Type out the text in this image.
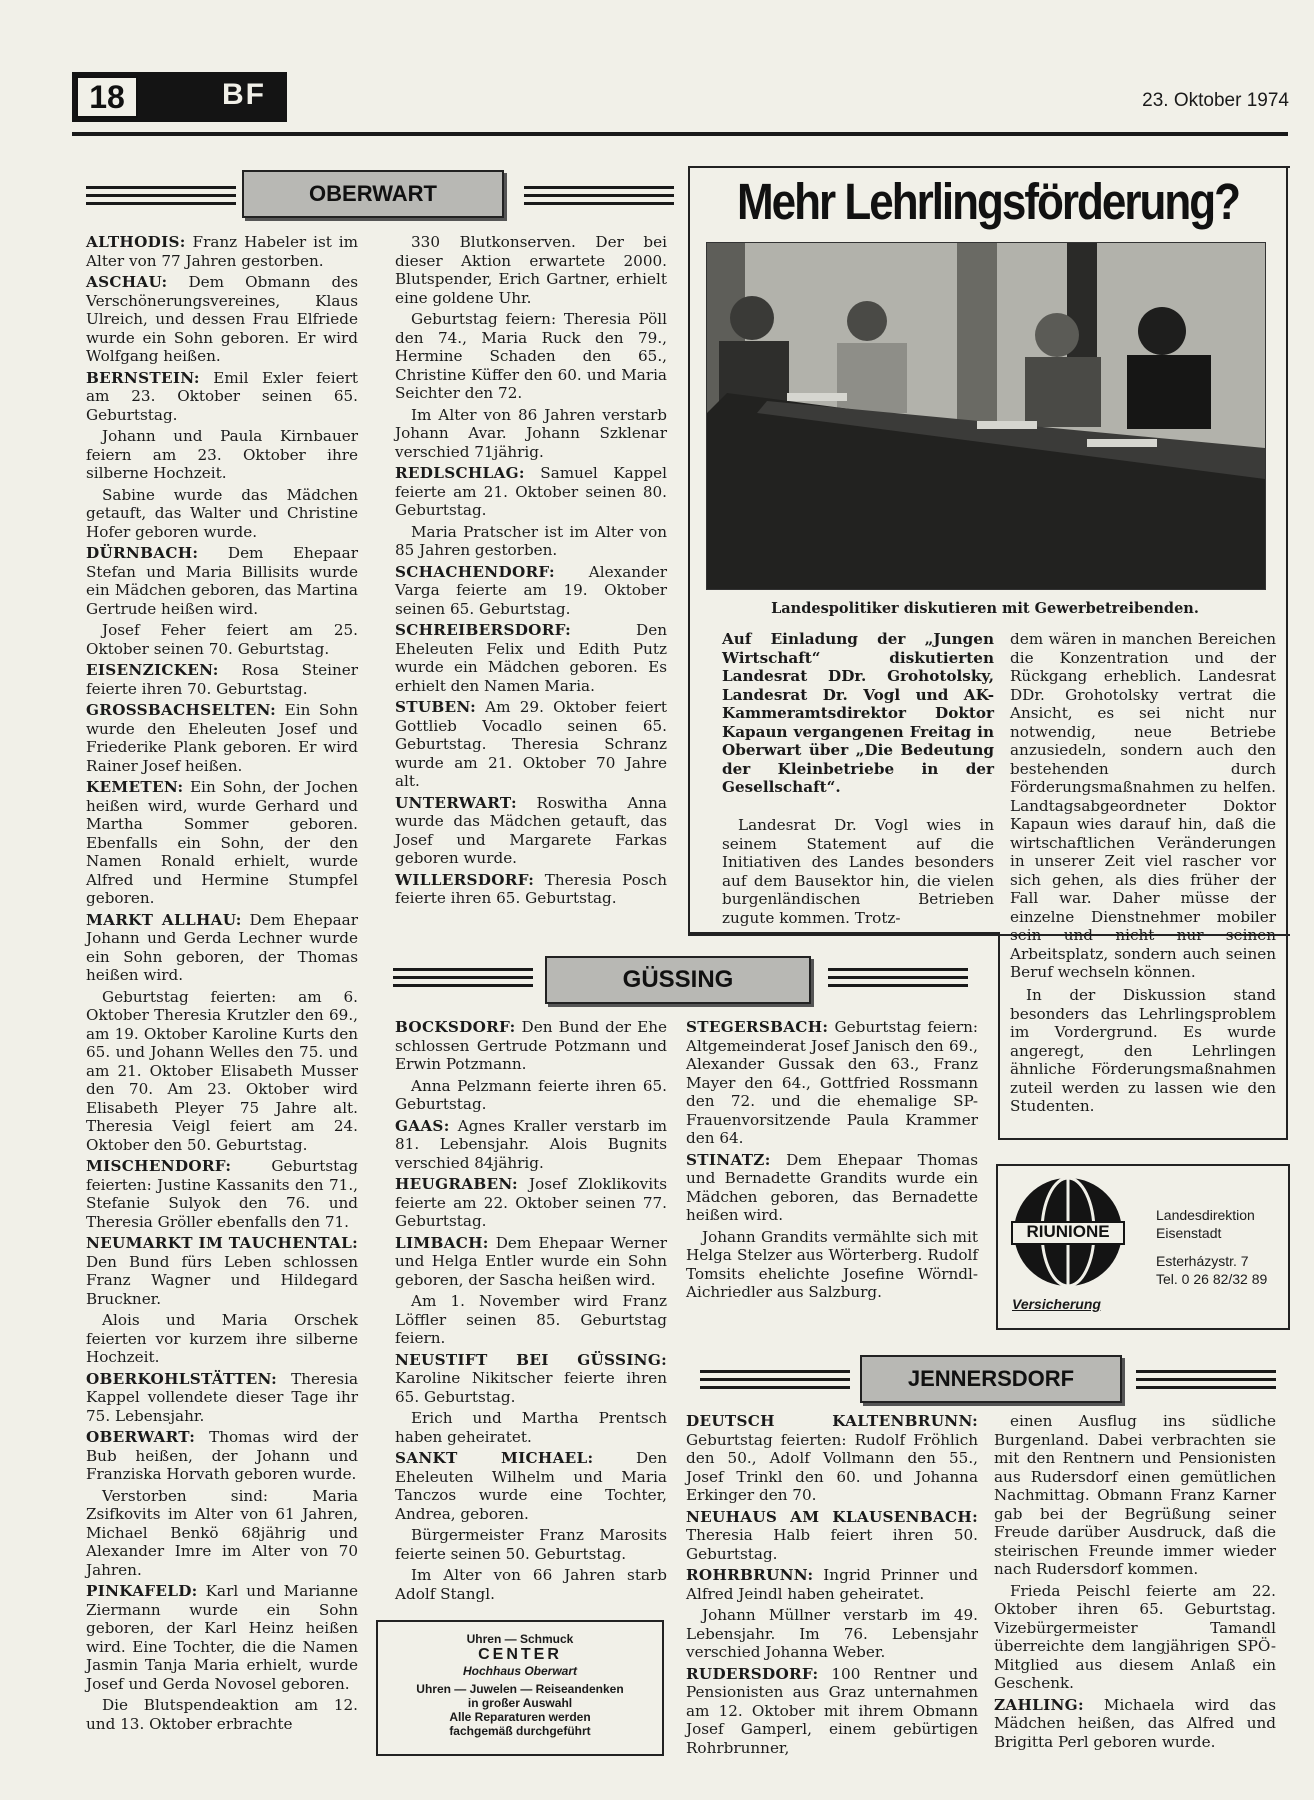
18	BF	23. Oktober 1974
OBERWART

ALTHODIS: Franz Habeler ist im Alter von 77 Jahren gestorben.

ASCHAU: Dem Obmann des Verschönerungsvereines, Klaus Ulreich, und dessen Frau Elfriede wurde ein Sohn geboren. Er wird Wolfgang heißen.

BERNSTEIN: Emil Exler feiert am 23. Oktober seinen 65. Geburtstag.

Johann und Paula Kirnbauer feiern am 23. Oktober ihre silberne Hochzeit.

Sabine wurde das Mädchen getauft, das Walter und Christine Hofer geboren wurde.

DÜRNBACH: Dem Ehepaar Stefan und Maria Billisits wurde ein Mädchen geboren, das Martina Gertrude heißen wird.

Josef Feher feiert am 25. Oktober seinen 70. Geburtstag.

EISENZICKEN: Rosa Steiner feierte ihren 70. Geburtstag.

GROSSBACHSELTEN: Ein Sohn wurde den Eheleuten Josef und Friederike Plank geboren. Er wird Rainer Josef heißen.

KEMETEN: Ein Sohn, der Jochen heißen wird, wurde Gerhard und Martha Sommer geboren. Ebenfalls ein Sohn, der den Namen Ronald erhielt, wurde Alfred und Hermine Stumpfel geboren.

MARKT ALLHAU: Dem Ehepaar Johann und Gerda Lechner wurde ein Sohn geboren, der Thomas heißen wird.

Geburtstag feierten: am 6. Oktober Theresia Krutzler den 69., am 19. Oktober Karoline Kurts den 65. und Johann Welles den 75. und am 21. Oktober Elisabeth Musser den 70. Am 23. Oktober wird Elisabeth Pleyer 75 Jahre alt. Theresia Veigl feiert am 24. Oktober den 50. Geburtstag.

MISCHENDORF: Geburtstag feierten: Justine Kassanits den 71., Stefanie Sulyok den 76. und Theresia Gröller ebenfalls den 71.

NEUMARKT IM TAUCHENTAL: Den Bund fürs Leben schlossen Franz Wagner und Hildegard Bruckner.

Alois und Maria Orschek feierten vor kurzem ihre silberne Hochzeit.

OBERKOHLSTÄTTEN: Theresia Kappel vollendete dieser Tage ihr 75. Lebensjahr.

OBERWART: Thomas wird der Bub heißen, der Johann und Franziska Horvath geboren wurde.

Verstorben sind: Maria Zsifkovits im Alter von 61 Jahren, Michael Benkö 68jährig und Alexander Imre im Alter von 70 Jahren.

PINKAFELD: Karl und Marianne Ziermann wurde ein Sohn geboren, der Karl Heinz heißen wird. Eine Tochter, die die Namen Jasmin Tanja Maria erhielt, wurde Josef und Gerda Novosel geboren.

Die Blutspendeaktion am 12. und 13. Oktober erbrachte

330 Blutkonserven. Der bei dieser Aktion erwartete 2000. Blutspender, Erich Gartner, erhielt eine goldene Uhr.

Geburtstag feiern: Theresia Pöll den 74., Maria Ruck den 79., Hermine Schaden den 65., Christine Küffer den 60. und Maria Seichter den 72.

Im Alter von 86 Jahren verstarb Johann Avar. Johann Szklenar verschied 71jährig.

REDLSCHLAG: Samuel Kappel feierte am 21. Oktober seinen 80. Geburtstag.

Maria Pratscher ist im Alter von 85 Jahren gestorben.

SCHACHENDORF: Alexander Varga feierte am 19. Oktober seinen 65. Geburtstag.

SCHREIBERSDORF: Den Eheleuten Felix und Edith Putz wurde ein Mädchen geboren. Es erhielt den Namen Maria.

STUBEN: Am 29. Oktober feiert Gottlieb Vocadlo seinen 65. Geburtstag. Theresia Schranz wurde am 21. Oktober 70 Jahre alt.

UNTERWART: Roswitha Anna wurde das Mädchen getauft, das Josef und Margarete Farkas geboren wurde.

WILLERSDORF: Theresia Posch feierte ihren 65. Geburtstag.

Mehr Lehrlingsförderung?
Landespolitiker diskutieren mit Gewerbetreibenden.
Auf Einladung der „Jungen Wirtschaft“ diskutierten Landesrat DDr. Grohotolsky, Landesrat Dr. Vogl und AK-Kammeramtsdirektor Doktor Kapaun vergangenen Freitag in Oberwart über „Die Bedeutung der Kleinbetriebe in der Gesellschaft“.
Landesrat Dr. Vogl wies in seinem Statement auf die Initiativen des Landes besonders auf dem Bausektor hin, die vielen burgenländischen Betrieben zugute kommen. Trotz-
dem wären in manchen Bereichen die Konzentration und der Rückgang erheblich. Landesrat DDr. Grohotolsky vertrat die Ansicht, es sei nicht nur notwendig, neue Betriebe anzusiedeln, sondern auch den bestehenden durch Förderungsmaßnahmen zu helfen. Landtagsabgeordneter Doktor Kapaun wies darauf hin, daß die wirtschaftlichen Veränderungen in unserer Zeit viel rascher vor sich gehen, als dies früher der Fall war. Daher müsse der einzelne Dienstnehmer mobiler sein und nicht nur seinen Arbeitsplatz, sondern auch seinen Beruf wechseln können.
In der Diskussion stand besonders das Lehrlingsproblem im Vordergrund. Es wurde angeregt, den Lehrlingen ähnliche Förderungsmaßnahmen zuteil werden zu lassen wie den Studenten.
GÜSSING

BOCKSDORF: Den Bund der Ehe schlossen Gertrude Potzmann und Erwin Potzmann.

Anna Pelzmann feierte ihren 65. Geburtstag.

GAAS: Agnes Kraller verstarb im 81. Lebensjahr. Alois Bugnits verschied 84jährig.

HEUGRABEN: Josef Zloklikovits feierte am 22. Oktober seinen 77. Geburtstag.

LIMBACH: Dem Ehepaar Werner und Helga Entler wurde ein Sohn geboren, der Sascha heißen wird.

Am 1. November wird Franz Löffler seinen 85. Geburtstag feiern.

NEUSTIFT BEI GÜSSING: Karoline Nikitscher feierte ihren 65. Geburtstag.

Erich und Martha Prentsch haben geheiratet.

SANKT MICHAEL: Den Eheleuten Wilhelm und Maria Tanczos wurde eine Tochter, Andrea, geboren.

Bürgermeister Franz Marosits feierte seinen 50. Geburtstag.

Im Alter von 66 Jahren starb Adolf Stangl.

STEGERSBACH: Geburtstag feiern: Altgemeinderat Josef Janisch den 69., Alexander Gussak den 63., Franz Mayer den 64., Gottfried Rossmann den 72. und die ehemalige SP-Frauenvorsitzende Paula Krammer den 64.

STINATZ: Dem Ehepaar Thomas und Bernadette Grandits wurde ein Mädchen geboren, das Bernadette heißen wird.

Johann Grandits vermählte sich mit Helga Stelzer aus Wörterberg. Rudolf Tomsits ehelichte Josefine Wörndl-Aichriedler aus Salzburg.

RIUNIONE
Versicherung
Landesdirektion
Eisenstadt
Esterházystr. 7
Tel. 0 26 82/32 89
JENNERSDORF

DEUTSCH KALTENBRUNN: Geburtstag feierten: Rudolf Fröhlich den 50., Adolf Vollmann den 55., Josef Trinkl den 60. und Johanna Erkinger den 70.

NEUHAUS AM KLAUSENBACH: Theresia Halb feiert ihren 50. Geburtstag.

ROHRBRUNN: Ingrid Prinner und Alfred Jeindl haben geheiratet.

Johann Müllner verstarb im 49. Lebensjahr. Im 76. Lebensjahr verschied Johanna Weber.

RUDERSDORF: 100 Rentner und Pensionisten aus Graz unternahmen am 12. Oktober mit ihrem Obmann Josef Gamperl, einem gebürtigen Rohrbrunner,

einen Ausflug ins südliche Burgenland. Dabei verbrachten sie mit den Rentnern und Pensionisten aus Rudersdorf einen gemütlichen Nachmittag. Obmann Franz Karner gab bei der Begrüßung seiner Freude darüber Ausdruck, daß die steirischen Freunde immer wieder nach Rudersdorf kommen.

Frieda Peischl feierte am 22. Oktober ihren 65. Geburtstag. Vizebürgermeister Tamandl überreichte dem langjährigen SPÖ-Mitglied aus diesem Anlaß ein Geschenk.

ZAHLING: Michaela wird das Mädchen heißen, das Alfred und Brigitta Perl geboren wurde.

Uhren — Schmuck
CENTER
Hochhaus Oberwart
Uhren — Juwelen — Reiseandenken
in großer Auswahl
Alle Reparaturen werden
fachgemäß durchgeführt
